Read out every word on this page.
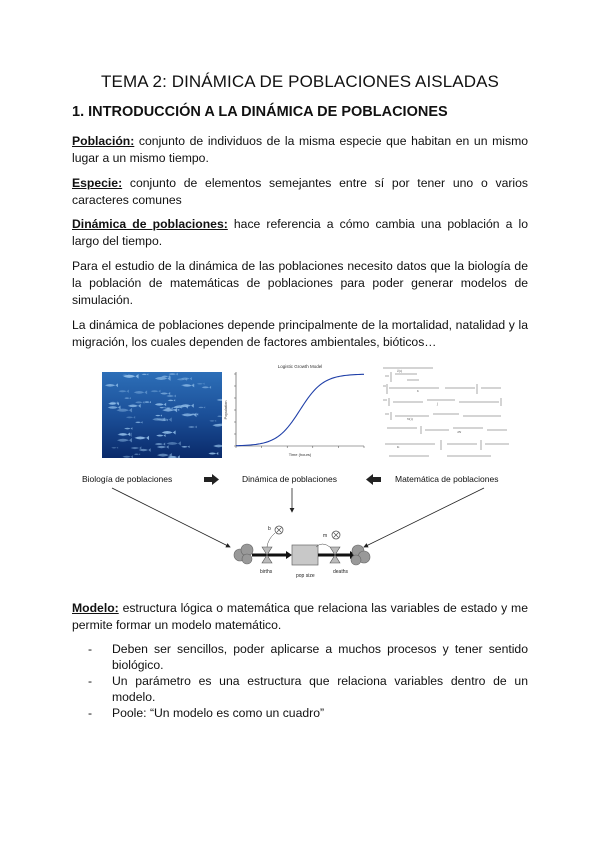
TEMA 2: DINÁMICA DE POBLACIONES AISLADAS
1. INTRODUCCIÓN A LA DINÁMICA DE POBLACIONES

Población: conjunto de individuos de la misma especie que habitan en un mismo lugar a un mismo tiempo.

Especie: conjunto de elementos semejantes entre sí por tener uno o varios caracteres comunes

Dinámica de poblaciones: hace referencia a cómo cambia una población a lo largo del tiempo.

Para el estudio de la dinámica de las poblaciones necesito datos que la biología de la población de matemáticas de poblaciones para poder generar modelos de simulación.

La dinámica de poblaciones depende principalmente de la mortalidad, natalidad y la migración, los cuales dependen de factores ambientales, bióticos…

Logistic Growth Model
Time (hours)
Population
∂(r)
Σ
∫
N(t)
dN
K
Biología de poblaciones	Dinámica de poblaciones	Matemática de poblaciones
b
m
births
pop size
deaths

Modelo: estructura lógica o matemática que relaciona las variables de estado y me permite formar un modelo matemático.

- Deben ser sencillos, poder aplicarse a muchos procesos y tener sentido biológico.
- Un parámetro es una estructura que relaciona variables dentro de un modelo.
- Poole: “Un modelo es como un cuadro”
